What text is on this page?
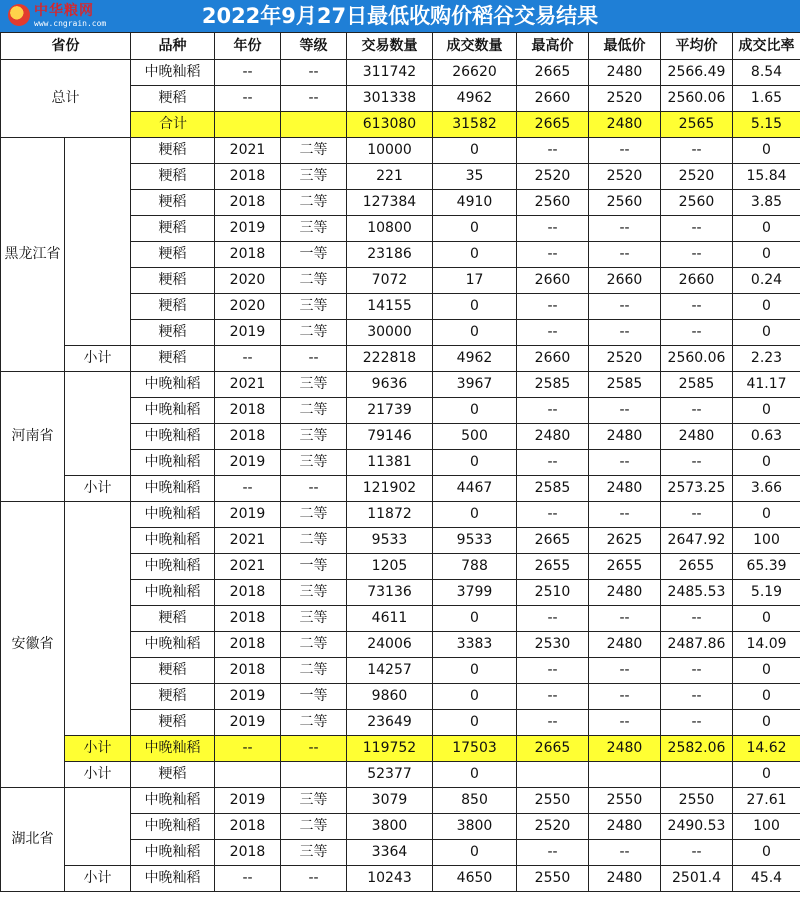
中华粮网
www.cngrain.com	2022年9月27日最低收购价稻谷交易结果
省份		品种	年份	等级	交易数量	成交数量	最高价	最低价	平均价	成交比率
总计		中晚籼稻	--	--	311742	26620	2665	2480	2566.49	8.54
		粳稻	--	--	301338	4962	2660	2520	2560.06	1.65
		合计			613080	31582	2665	2480	2565	5.15
黑龙江省		粳稻	2021	二等	10000	0	--	--	--	0
		粳稻	2018	三等	221	35	2520	2520	2520	15.84
		粳稻	2018	二等	127384	4910	2560	2560	2560	3.85
		粳稻	2019	三等	10800	0	--	--	--	0
		粳稻	2018	一等	23186	0	--	--	--	0
		粳稻	2020	二等	7072	17	2660	2660	2660	0.24
		粳稻	2020	三等	14155	0	--	--	--	0
		粳稻	2019	二等	30000	0	--	--	--	0
	小计	粳稻	--	--	222818	4962	2660	2520	2560.06	2.23
河南省		中晚籼稻	2021	三等	9636	3967	2585	2585	2585	41.17
		中晚籼稻	2018	二等	21739	0	--	--	--	0
		中晚籼稻	2018	三等	79146	500	2480	2480	2480	0.63
		中晚籼稻	2019	三等	11381	0	--	--	--	0
	小计	中晚籼稻	--	--	121902	4467	2585	2480	2573.25	3.66
安徽省		中晚籼稻	2019	二等	11872	0	--	--	--	0
		中晚籼稻	2021	二等	9533	9533	2665	2625	2647.92	100
		中晚籼稻	2021	一等	1205	788	2655	2655	2655	65.39
		中晚籼稻	2018	三等	73136	3799	2510	2480	2485.53	5.19
		粳稻	2018	三等	4611	0	--	--	--	0
		中晚籼稻	2018	二等	24006	3383	2530	2480	2487.86	14.09
		粳稻	2018	二等	14257	0	--	--	--	0
		粳稻	2019	一等	9860	0	--	--	--	0
		粳稻	2019	二等	23649	0	--	--	--	0
	小计	中晚籼稻	--	--	119752	17503	2665	2480	2582.06	14.62
	小计	粳稻			52377	0				0
湖北省		中晚籼稻	2019	三等	3079	850	2550	2550	2550	27.61
		中晚籼稻	2018	二等	3800	3800	2520	2480	2490.53	100
		中晚籼稻	2018	三等	3364	0	--	--	--	0
	小计	中晚籼稻	--	--	10243	4650	2550	2480	2501.4	45.4
